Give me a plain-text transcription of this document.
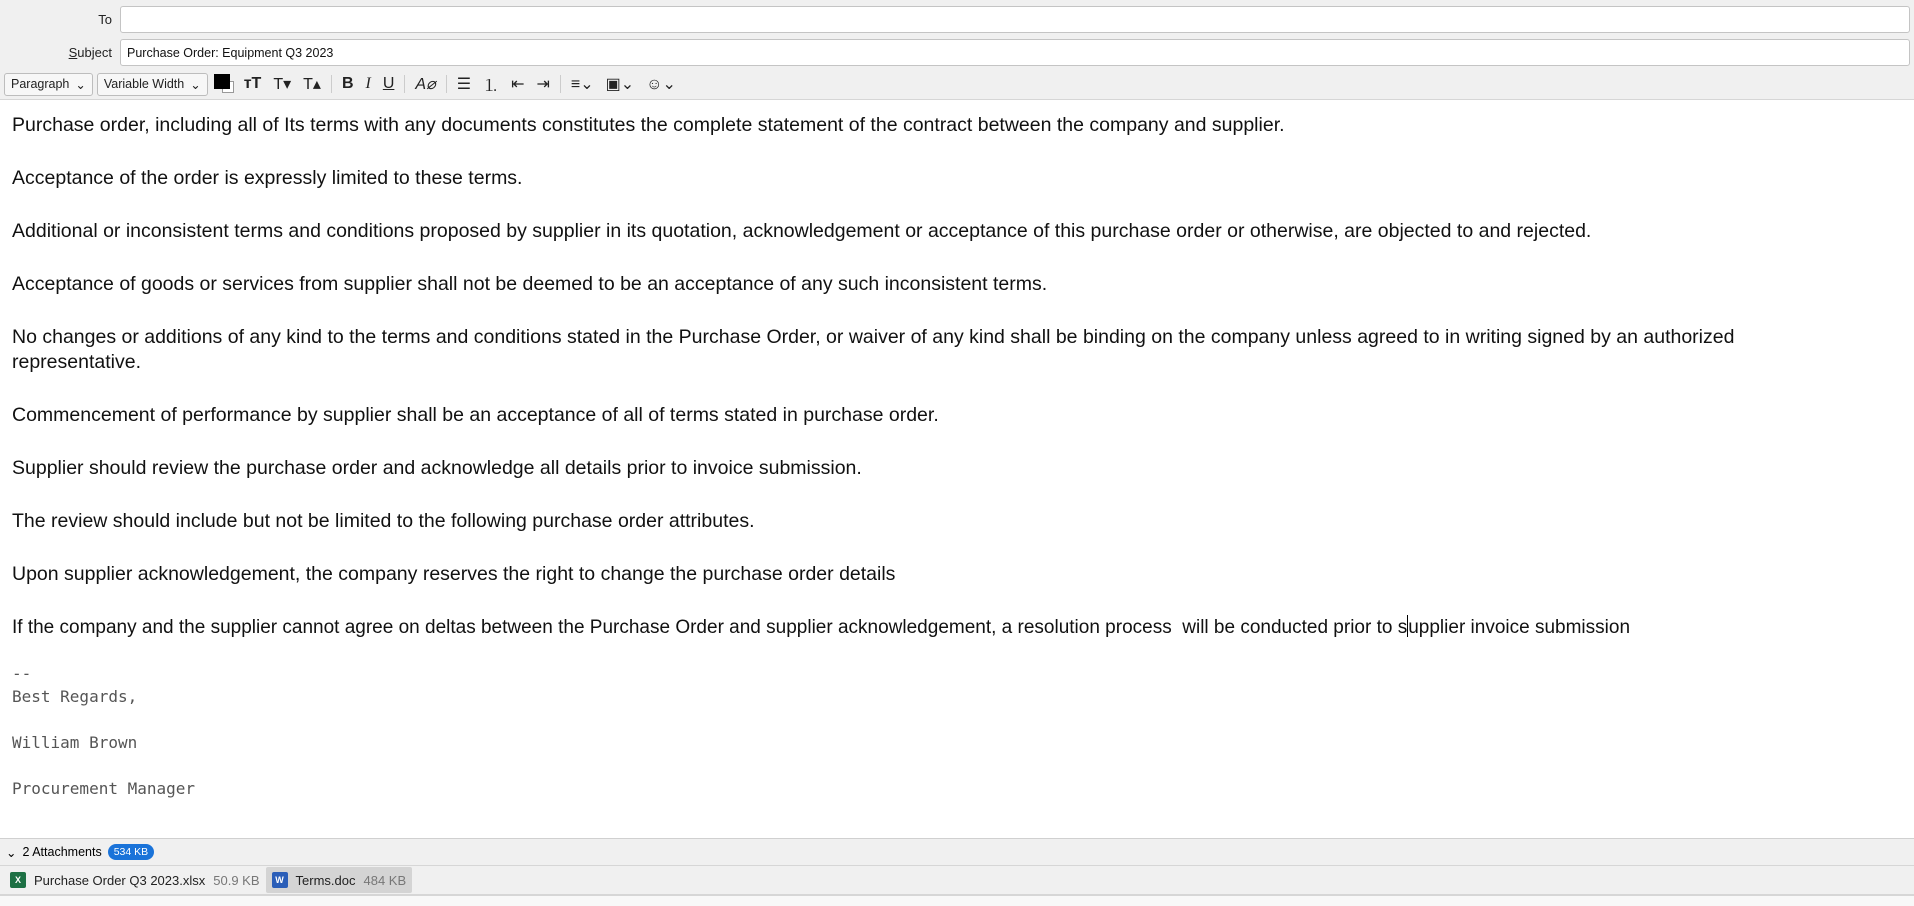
To
Subject	Purchase Order: Equipment Q3 2023
Paragraph ⌄ Variable Width ⌄	тT T▾ T▴ B I U A⌀ ☰ ⒈ ⇤ ⇥ ≡⌄ ▣⌄ ☺⌄

Purchase order, including all of Its terms with any documents constitutes the complete statement of the contract between the company and supplier.

Acceptance of the order is expressly limited to these terms.

Additional or inconsistent terms and conditions proposed by supplier in its quotation, acknowledgement or acceptance of this purchase order or otherwise, are objected to and rejected.

Acceptance of goods or services from supplier shall not be deemed to be an acceptance of any such inconsistent terms.

No changes or additions of any kind to the terms and conditions stated in the Purchase Order, or waiver of any kind shall be binding on the company unless agreed to in writing signed by an authorized representative.

Commencement of performance by supplier shall be an acceptance of all of terms stated in purchase order.

Supplier should review the purchase order and acknowledge all details prior to invoice submission.

The review should include but not be limited to the following purchase order attributes.

Upon supplier acknowledgement, the company reserves the right to change the purchase order details

If the company and the supplier cannot agree on deltas between the Purchase Order and supplier acknowledgement, a resolution process  will be conducted prior to supplier invoice submission

--
Best Regards,
William Brown
Procurement Manager
⌄ 2 Attachments	534 KB
X	Purchase Order Q3 2023.xlsx 50.9 KB	W Terms.doc 484 KB
